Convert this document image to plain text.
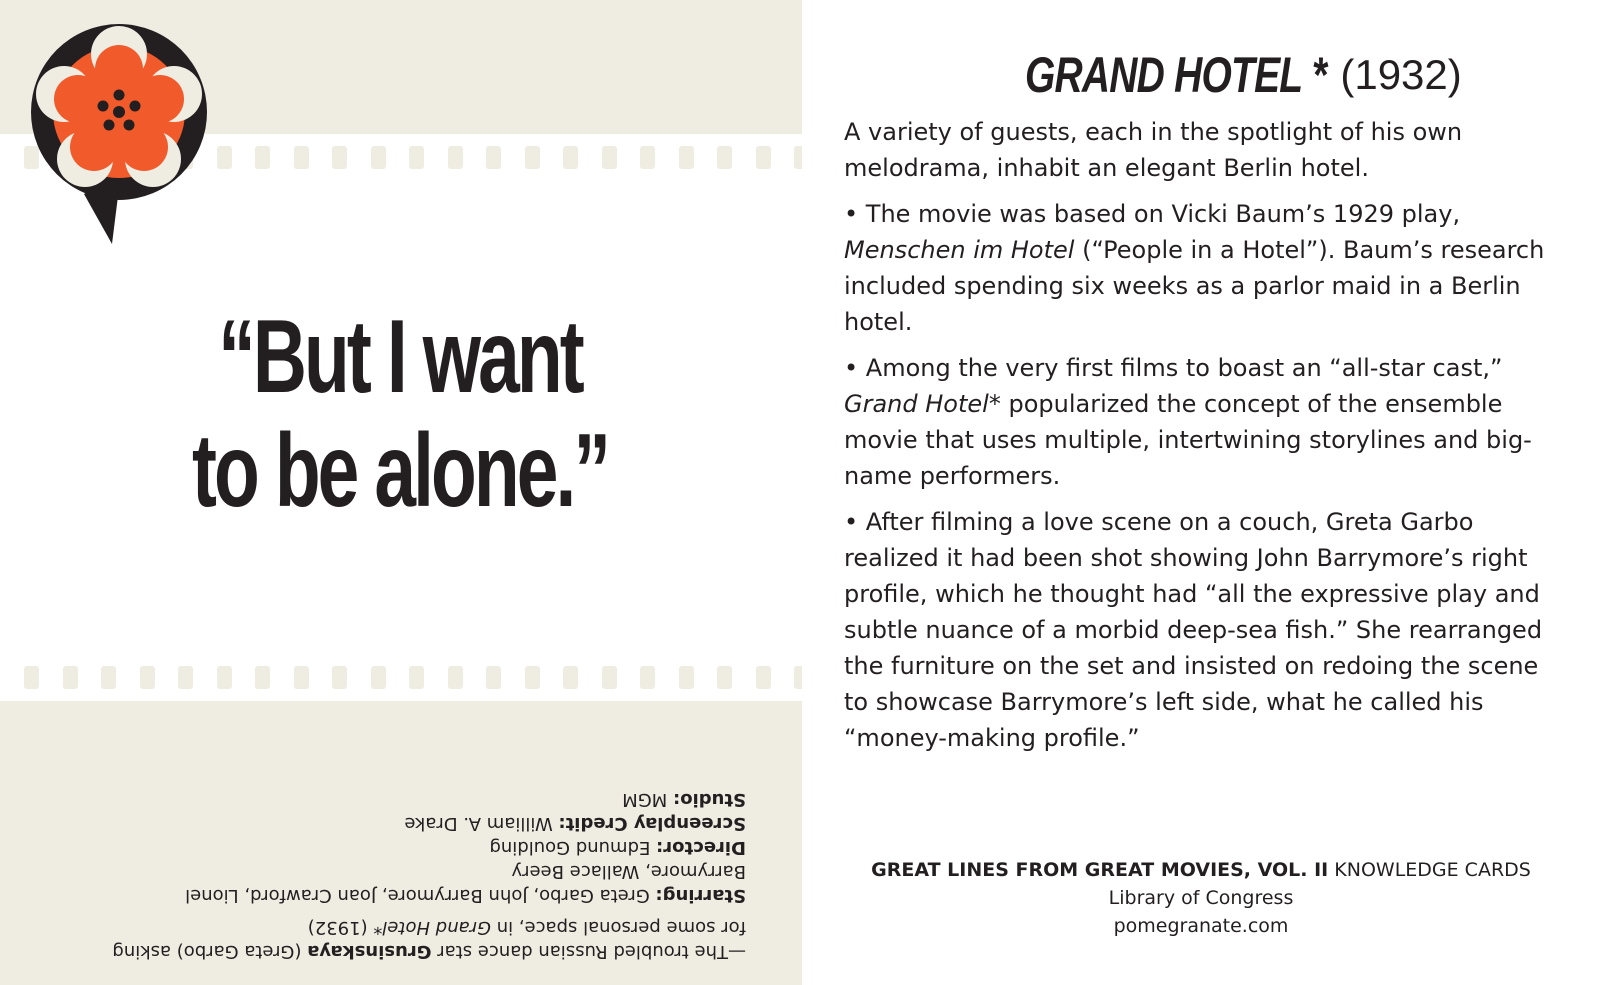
“But I want to be alone.”

—The troubled Russian dance star Grusinskaya (Greta Garbo) asking for some personal space, in Grand Hotel* (1932)

Starring: Greta Garbo, John Barrymore, Joan Crawford, Lionel Barrymore, Wallace Beery

Director: Edmund Goulding

Screenplay Credit: William A. Drake

Studio: MGM

GRAND HOTEL * (1932)

A variety of guests, each in the spotlight of his own melodrama, inhabit an elegant Berlin hotel.

• The movie was based on Vicki Baum’s 1929 play, Menschen im Hotel (“People in a Hotel”). Baum’s research included spending six weeks as a parlor maid in a Berlin hotel.

• Among the very first films to boast an “all-star cast,” Grand Hotel* popularized the concept of the ensemble movie that uses multiple, intertwining storylines and big-name performers.

• After filming a love scene on a couch, Greta Garbo realized it had been shot showing John Barrymore’s right profile, which he thought had “all the expressive play and subtle nuance of a morbid deep-sea fish.” She rearranged the furniture on the set and insisted on redoing the scene to showcase Barrymore’s left side, what he called his “money-making profile.”

GREAT LINES FROM GREAT MOVIES, VOL. II KNOWLEDGE CARDS

Library of Congress

pomegranate.com
